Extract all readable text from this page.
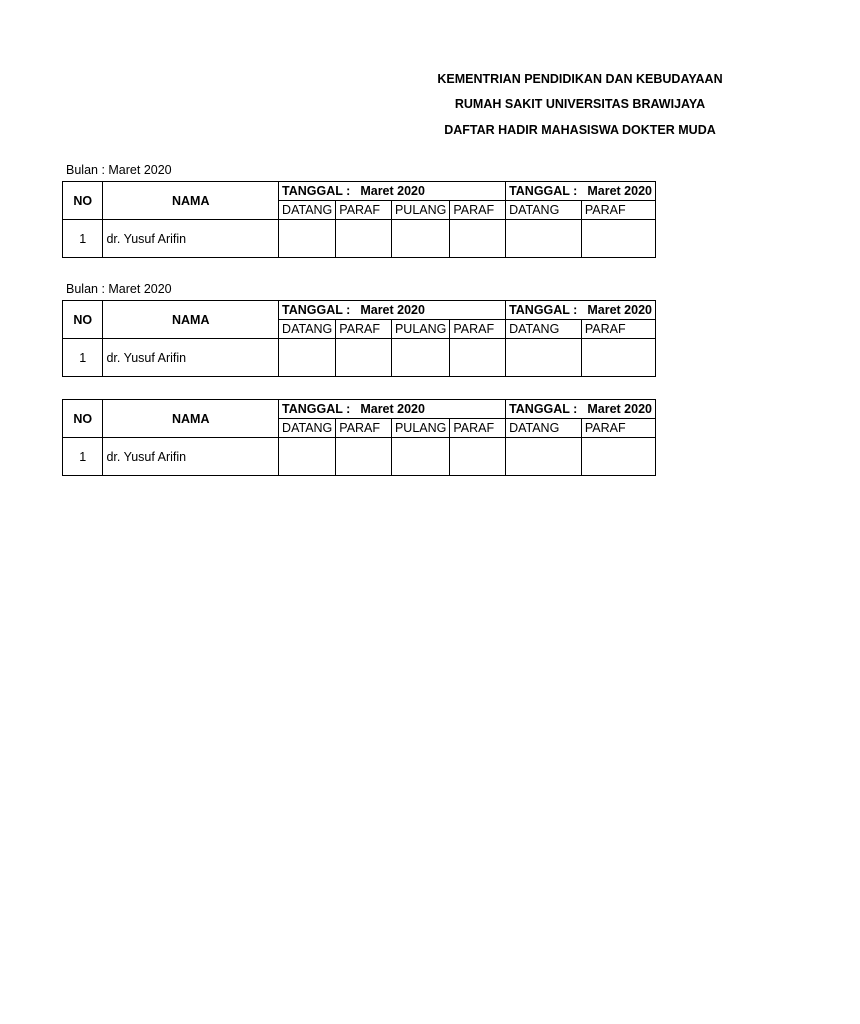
KEMENTRIAN PENDIDIKAN DAN KEBUDAYAAN
RUMAH SAKIT UNIVERSITAS BRAWIJAYA
DAFTAR HADIR MAHASISWA DOKTER MUDA
Bulan : Maret 2020
NO	NAMA	TANGGAL : Maret 2020				TANGGAL : Maret 2020	
		DATANG	PARAF	PULANG	PARAF	DATANG	PARAF
1	dr. Yusuf Arifin						
Bulan : Maret 2020
NO	NAMA	TANGGAL : Maret 2020				TANGGAL : Maret 2020	
		DATANG	PARAF	PULANG	PARAF	DATANG	PARAF
1	dr. Yusuf Arifin						
NO	NAMA	TANGGAL : Maret 2020				TANGGAL : Maret 2020	
		DATANG	PARAF	PULANG	PARAF	DATANG	PARAF
1	dr. Yusuf Arifin						
